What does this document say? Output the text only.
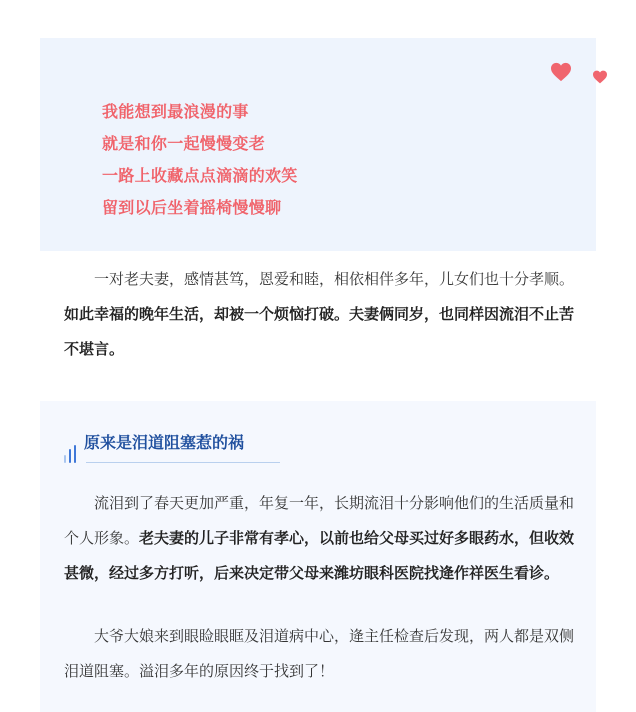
我能想到最浪漫的事
就是和你一起慢慢变老
一路上收藏点点滴滴的欢笑
留到以后坐着摇椅慢慢聊

  一对老夫妻，感情甚笃，恩爱和睦，相依相伴多年，儿女们也十分孝顺。如此幸福的晚年生活，却被一个烦恼打破。夫妻俩同岁，也同样因流泪不止苦不堪言。

原来是泪道阻塞惹的祸

  流泪到了春天更加严重，年复一年，长期流泪十分影响他们的生活质量和个人形象。老夫妻的儿子非常有孝心，以前也给父母买过好多眼药水，但收效甚微，经过多方打听，后来决定带父母来潍坊眼科医院找逄作祥医生看诊。

  大爷大娘来到眼睑眼眶及泪道病中心，逄主任检查后发现，两人都是双侧泪道阻塞。溢泪多年的原因终于找到了！
